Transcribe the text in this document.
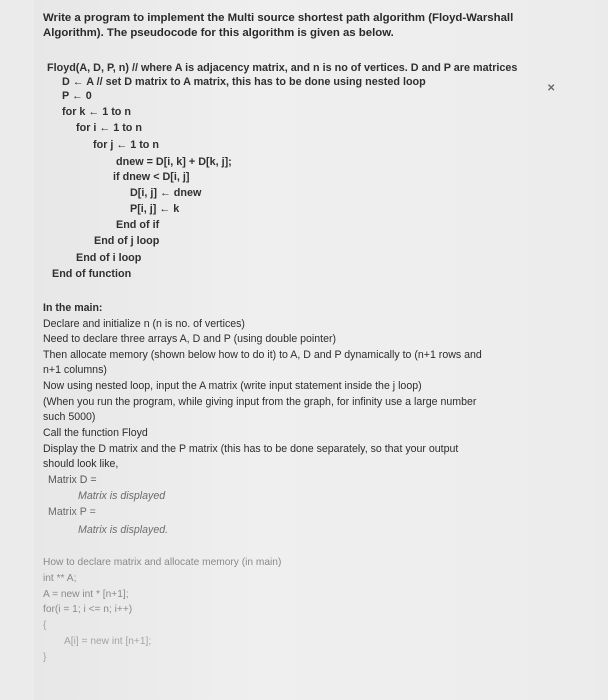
Write a program to implement the Multi source shortest path algorithm (Floyd-Warshall
Algorithm). The pseudocode for this algorithm is given as below.
Floyd(A, D, P, n) // where A is adjacency matrix, and n is no of vertices. D and P are matrices
D ← A // set D matrix to A matrix, this has to be done using nested loop
P ← 0
for k ← 1 to n
for i ← 1 to n
for j ← 1 to n
dnew = D[i, k] + D[k, j];
if dnew < D[i, j]
D[i, j] ← dnew
P[i, j] ← k
End of if
End of j loop
End of i loop
End of function
✕
In the main:
Declare and initialize n (n is no. of vertices)
Need to declare three arrays A, D and P (using double pointer)
Then allocate memory (shown below how to do it) to A, D and P dynamically to (n+1 rows and
n+1 columns)
Now using nested loop, input the A matrix (write input statement inside the j loop)
(When you run the program, while giving input from the graph, for infinity use a large number
such 5000)
Call the function Floyd
Display the D matrix and the P matrix (this has to be done separately, so that your output
should look like,
Matrix D =
Matrix is displayed
Matrix P =
Matrix is displayed.
How to declare matrix and allocate memory (in main)
int ** A;
A = new int * [n+1];
for(i = 1; i <= n; i++)
{
A[i] = new int [n+1];
}
